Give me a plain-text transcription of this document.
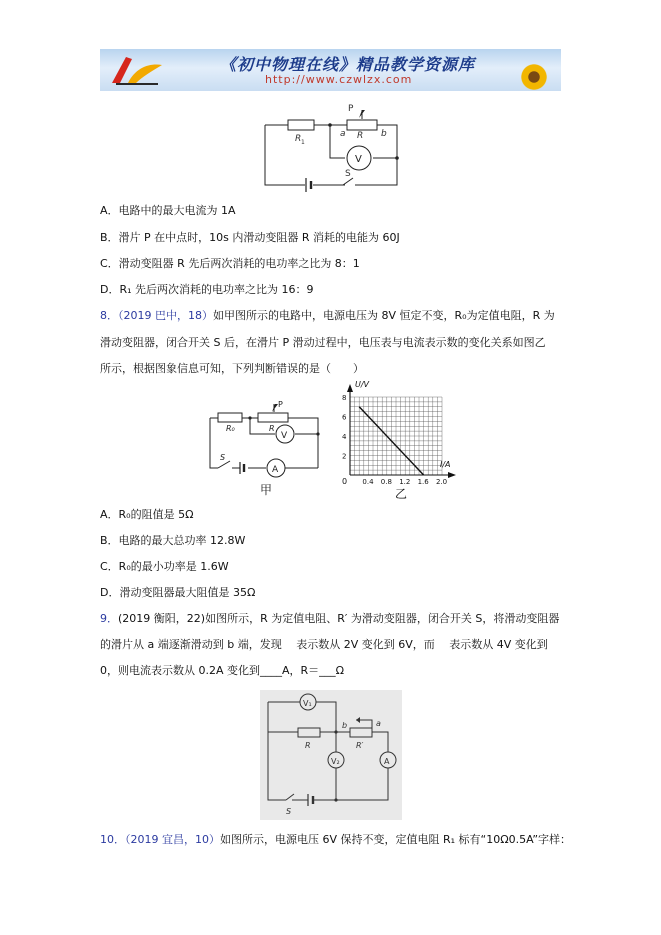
《初中物理在线》精品教学资源库
http://www.czwlzx.com
R 1
P
a R b
V
S
A．电路中的最大电流为 1A
B．滑片 P 在中点时，10s 内滑动变阻器 R 消耗的电能为 60J
C．滑动变阻器 R 先后两次消耗的电功率之比为 8：1
D．R₁ 先后两次消耗的电功率之比为 16：9
8．（2019 巴中，18）如甲图所示的电路中，电源电压为 8V 恒定不变，R₀为定值电阻，R 为
滑动变阻器，闭合开关 S 后，在滑片 P 滑动过程中，电压表与电流表示数的变化关系如图乙
所示，根据图象信息可知，下列判断错误的是（　　）
R₀
P
R
V
A
S
甲
U/V
I/A
0 0.4 0.8 1.2 1.6 2.0
2
4
6
8
乙
A．R₀的阻值是 5Ω
B．电路的最大总功率 12.8W
C．R₀的最小功率是 1.6W
D．滑动变阻器最大阻值是 35Ω
9．(2019 衡阳，22)如图所示，R 为定值电阻、R′ 为滑动变阻器，闭合开关 S，将滑动变阻器
的滑片从 a 端逐渐滑动到 b 端，发现　 表示数从 2V 变化到 6V，而　 表示数从 4V 变化到
0，则电流表示数从 0.2A 变化到____A，R＝___Ω
V₁
V₂	A
R	R′
a
b
S
10．（2019 宜昌，10）如图所示，电源电压 6V 保持不变，定值电阻 R₁ 标有“10Ω0.5A”字样：
